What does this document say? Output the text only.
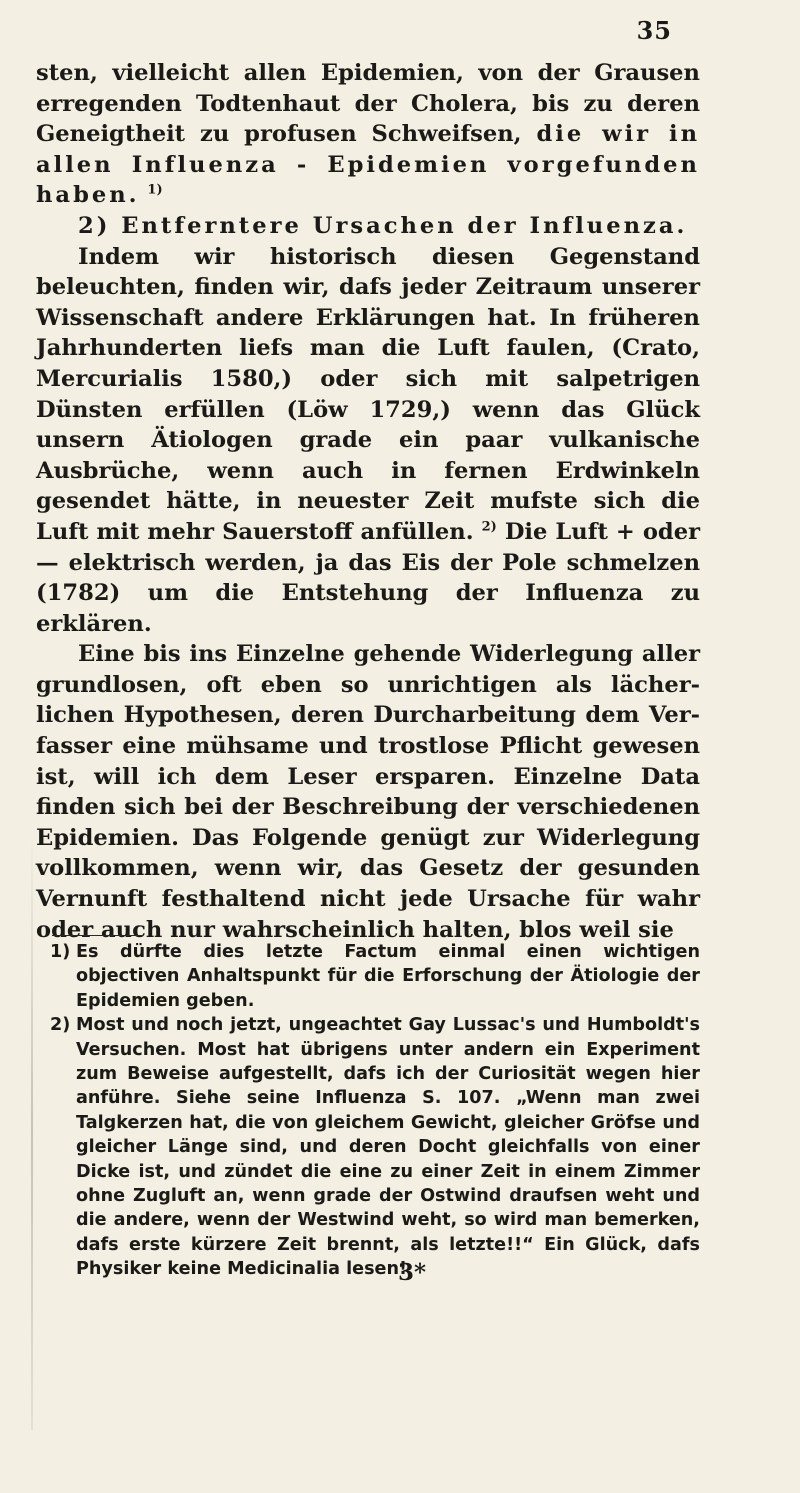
35

sten, vielleicht allen Epidemien, von der Grausen erregenden Todtenhaut der Cholera, bis zu deren Geneigtheit zu profusen Schweifsen, die wir in allen Influenza - Epidemien vorgefunden haben. $^{1)}$

2) Entferntere Ursachen der Influenza.

Indem wir historisch diesen Gegenstand beleuchten, finden wir, dafs jeder Zeitraum unserer Wissenschaft andere Erklärungen hat. In früheren Jahrhunderten liefs man die Luft faulen, (Crato, Mercurialis 1580,) oder sich mit salpetrigen Dünsten erfüllen (Löw 1729,) wenn das Glück unsern Ätiologen grade ein paar vulkanische Ausbrüche, wenn auch in fernen Erdwinkeln gesendet hätte, in neuester Zeit mufste sich die Luft mit mehr Sauerstoff anfüllen. $^{2)}$ Die Luft + oder — elektrisch werden, ja das Eis der Pole schmelzen (1782) um die Entstehung der Influenza zu erklären.

Eine bis ins Einzelne gehende Widerlegung aller grundlosen, oft eben so unrichtigen als lächerlichen Hypothesen, deren Durcharbeitung dem Verfasser eine mühsame und trostlose Pflicht gewesen ist, will ich dem Leser ersparen. Einzelne Data finden sich bei der Beschreibung der verschiedenen Epidemien. Das Folgende genügt zur Widerlegung vollkommen, wenn wir, das Gesetz der gesunden Vernunft festhaltend nicht jede Ursache für wahr oder auch nur wahrscheinlich halten, blos weil sie

1) Es dürfte dies letzte Factum einmal einen wichtigen objectiven Anhaltspunkt für die Erforschung der Ätiologie der Epidemien geben.

2) Most und noch jetzt, ungeachtet Gay Lussac's und Humboldt's Versuchen. Most hat übrigens unter andern ein Experiment zum Beweise aufgestellt, dafs ich der Curiosität wegen hier anführe. Siehe seine Influenza S. 107. „Wenn man zwei Talgkerzen hat, die von gleichem Gewicht, gleicher Gröfse und gleicher Länge sind, und deren Docht gleichfalls von einer Dicke ist, und zündet die eine zu einer Zeit in einem Zimmer ohne Zugluft an, wenn grade der Ostwind draufsen weht und die andere, wenn der Westwind weht, so wird man bemerken, dafs erste kürzere Zeit brennt, als letzte!!“ Ein Glück, dafs Physiker keine Medicinalia lesen!

3*
